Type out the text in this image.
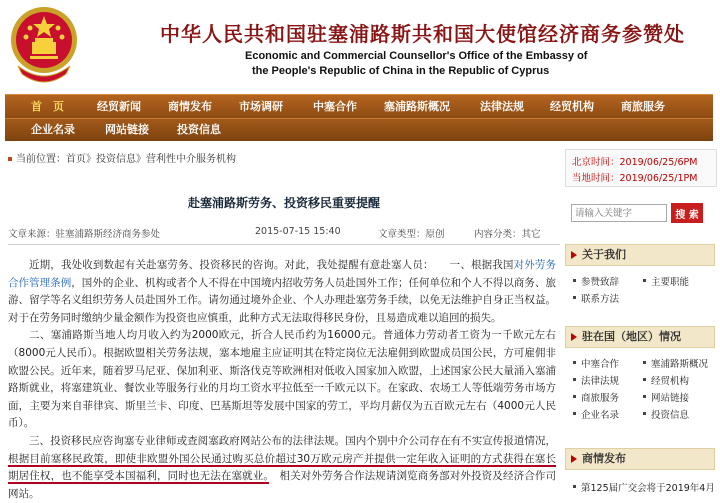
中华人民共和国驻塞浦路斯共和国大使馆经济商务参赞处
Economic and Commercial Counsellor's Office of the Embassy of
the People's Republic of China in the Republic of Cyprus
首　页	经贸新闻 商情发布 市场调研	中塞合作 塞浦路斯概况	法律法规 经贸机构 商旅服务
企业名录	网站链接	投资信息
当前位置：首页》投资信息》营利性中介服务机构
赴塞浦路斯劳务、投资移民重要提醒
文章来源：驻塞浦路斯经济商务参处	2015-07-15 15:40	文章类型：原创	内容分类：其它

近期，我处收到数起有关赴塞劳务、投资移民的咨询。对此，我处提醒有意赴塞人员：　　一、根据我国对外劳务合作管理条例，国外的企业、机构或者个人不得在中国境内招收劳务人员赴国外工作；任何单位和个人不得以商务、旅游、留学等名义组织劳务人员赴国外工作。请勿通过境外企业、个人办理赴塞劳务手续，以免无法维护自身正当权益。对于在劳务同时缴纳少量金额作为投资也应慎重，此种方式无法取得移民身份，且易造成难以追回的损失。

二、塞浦路斯当地人均月收入约为2000欧元，折合人民币约为16000元。普通体力劳动者工资为一千欧元左右（8000元人民币）。根据欧盟相关劳务法规，塞本地雇主应证明其在特定岗位无法雇佣到欧盟成员国公民，方可雇佣非欧盟公民。近年来，随着罗马尼亚、保加利亚、斯洛伐克等欧洲相对低收入国家加入欧盟，上述国家公民大量涌入塞浦路斯就业，将塞建筑业、餐饮业等服务行业的月均工资水平拉低至一千欧元以下。在家政、农场工人等低端劳务市场方面，主要为来自菲律宾、斯里兰卡、印度、巴基斯坦等发展中国家的劳工，平均月薪仅为五百欧元左右（4000元人民币）。

三、投资移民应咨询塞专业律师或查阅塞政府网站公布的法律法规。国内个别中介公司存在有不实宣传报道情况，根据目前塞移民政策，即使非欧盟外国公民通过购买总价超过30万欧元房产并提供一定年收入证明的方式获得在塞长期居住权，也不能享受本国福利，同时也无法在塞就业。　相关对外劳务合作法规请浏览商务部对外投资及经济合作司网站。

北京时间：2019/06/25/6PM
当地时间：2019/06/25/1PM
请输入关键字
搜 索
关于我们
参赞致辞	主要职能
联系方法
驻在国（地区）情况
中塞合作	塞浦路斯概况
法律法规	经贸机构
商旅服务	网站链接
企业名录	投资信息
商情发布
第125届广交会将于2019年4月
